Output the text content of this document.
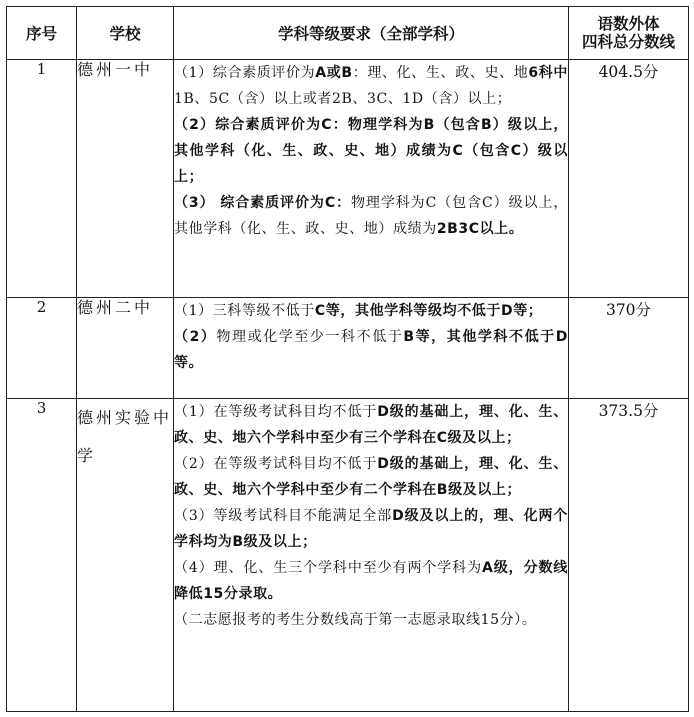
序号	学校	学科等级要求（全部学科）	语数外体
四科总分数线

1	德州一中	（1）综合素质评价为A或B：理、化、生、政、史、地6科中1B、5C（含）以上或者2B、3C、1D（含）以上；
（2）综合素质评价为C：物理学科为B（包含B）级以上，其他学科（化、生、政、史、地）成绩为C（包含C）级以上；
（3） 综合素质评价为C：物理学科为C（包含C）级以上，其他学科（化、生、政、史、地）成绩为2B3C以上。	404.5分
2	德州二中	（1）三科等级不低于C等，其他学科等级均不低于D等；
（2）物理或化学至少一科不低于B等，其他学科不低于D等。	370分
3	德州实验中学	（1）在等级考试科目均不低于D级的基础上，理、化、生、政、史、地六个学科中至少有三个学科在C级及以上；
（2）在等级考试科目均不低于D级的基础上，理、化、生、政、史、地六个学科中至少有二个学科在B级及以上；
（3）等级考试科目不能满足全部D级及以上的，理、化两个学科均为B级及以上；
（4）理、化、生三个学科中至少有两个学科为A级，分数线降低15分录取。
（二志愿报考的考生分数线高于第一志愿录取线15分）。	373.5分
